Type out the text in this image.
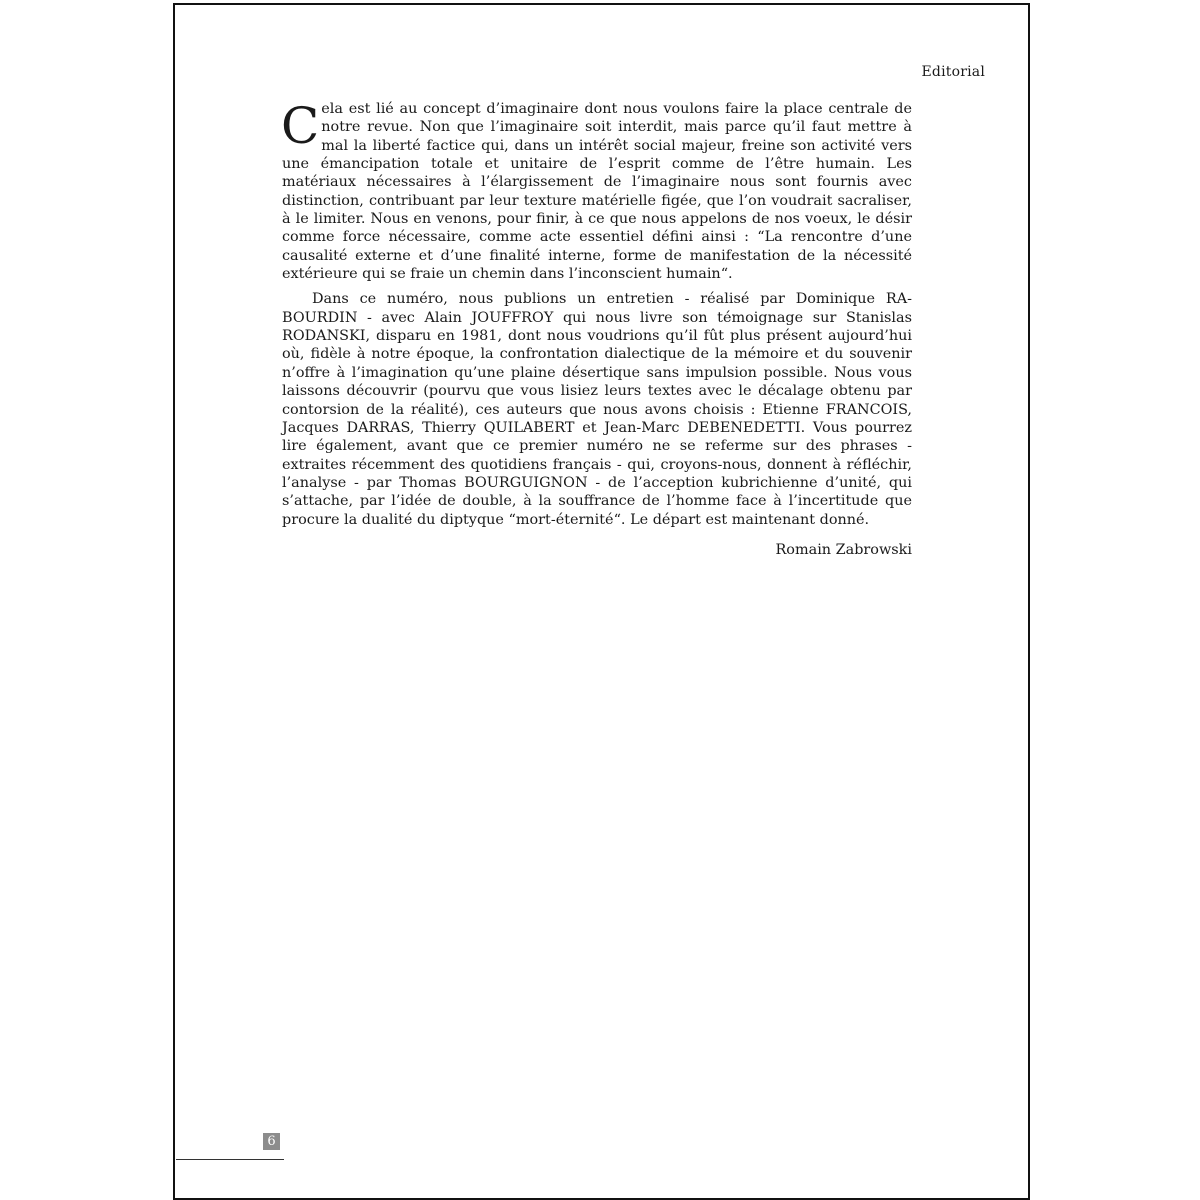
Editorial

Cela est lié au concept d’imaginaire dont nous voulons faire la place centrale de notre revue. Non que l’imaginaire soit interdit, mais parce qu’il faut mettre à mal la liberté factice qui, dans un intérêt social majeur, freine son activité vers une émancipation totale et unitaire de l’esprit comme de l’être humain. Les matériaux nécessaires à l’élargissement de l’imaginaire nous sont fournis avec distinction, contribuant par leur texture matérielle figée, que l’on voudrait sacraliser, à le limiter. Nous en venons, pour finir, à ce que nous appelons de nos voeux, le désir comme force nécessaire, comme acte essentiel défini ainsi : “La rencontre d’une causalité externe et d’une finalité interne, forme de manifestation de la nécessité extérieure qui se fraie un chemin dans l’inconscient humain“.

Dans ce numéro, nous publions un entretien - réalisé par Dominique RABOURDIN - avec Alain JOUFFROY qui nous livre son témoignage sur Stanislas RODANSKI, disparu en 1981, dont nous voudrions qu’il fût plus présent aujourd’hui où, fidèle à notre époque, la confrontation dialectique de la mémoire et du souvenir n’offre à l’imagination qu’une plaine désertique sans impulsion possible. Nous vous laissons découvrir (pourvu que vous lisiez leurs textes avec le décalage obtenu par contorsion de la réalité), ces auteurs que nous avons choisis : Etienne FRANCOIS, Jacques DARRAS, Thierry QUILABERT et Jean-Marc DEBENEDETTI. Vous pourrez lire également, avant que ce premier numéro ne se referme sur des phrases - extraites récemment des quotidiens français - qui, croyons-nous, donnent à réfléchir, l’analyse - par Thomas BOURGUIGNON - de l’acception kubrichienne d’unité, qui s’attache, par l’idée de double, à la souffrance de l’homme face à l’incertitude que procure la dualité du diptyque “mort-éternité“. Le départ est maintenant donné.

Romain Zabrowski
6
